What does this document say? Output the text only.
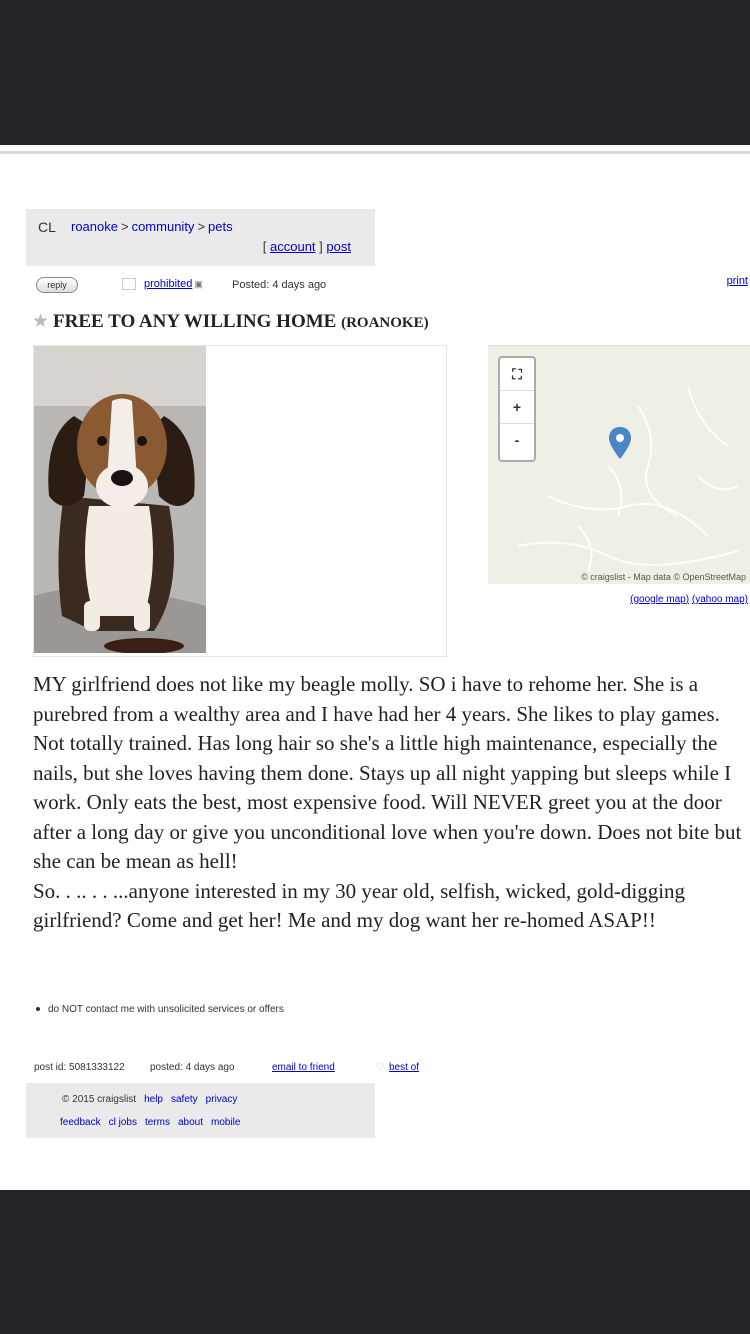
CL roanoke > community > pets
[ account ] post
reply	prohibited ▣	Posted: 4 days ago	print
★ FREE TO ANY WILLING HOME (ROANOKE)
⛶
+
-
© craigslist - Map data © OpenStreetMap
(google map) (yahoo map)
MY girlfriend does not like my beagle molly. SO i have to rehome her. She is a purebred from a wealthy area and I have had her 4 years. She likes to play games. Not totally trained. Has long hair so she's a little high maintenance, especially the nails, but she loves having them done. Stays up all night yapping but sleeps while I work. Only eats the best, most expensive food. Will NEVER greet you at the door after a long day or give you unconditional love when you're down. Does not bite but she can be mean as hell!
So. . .. . . ...anyone interested in my 30 year old, selfish, wicked, gold-digging girlfriend? Come and get her! Me and my dog want her re-homed ASAP!!
do NOT contact me with unsolicited services or offers
post id: 5081333122	posted: 4 days ago	email to friend	♡ best of
© 2015 craigslist help safety privacy
feedback cl jobs terms about mobile
